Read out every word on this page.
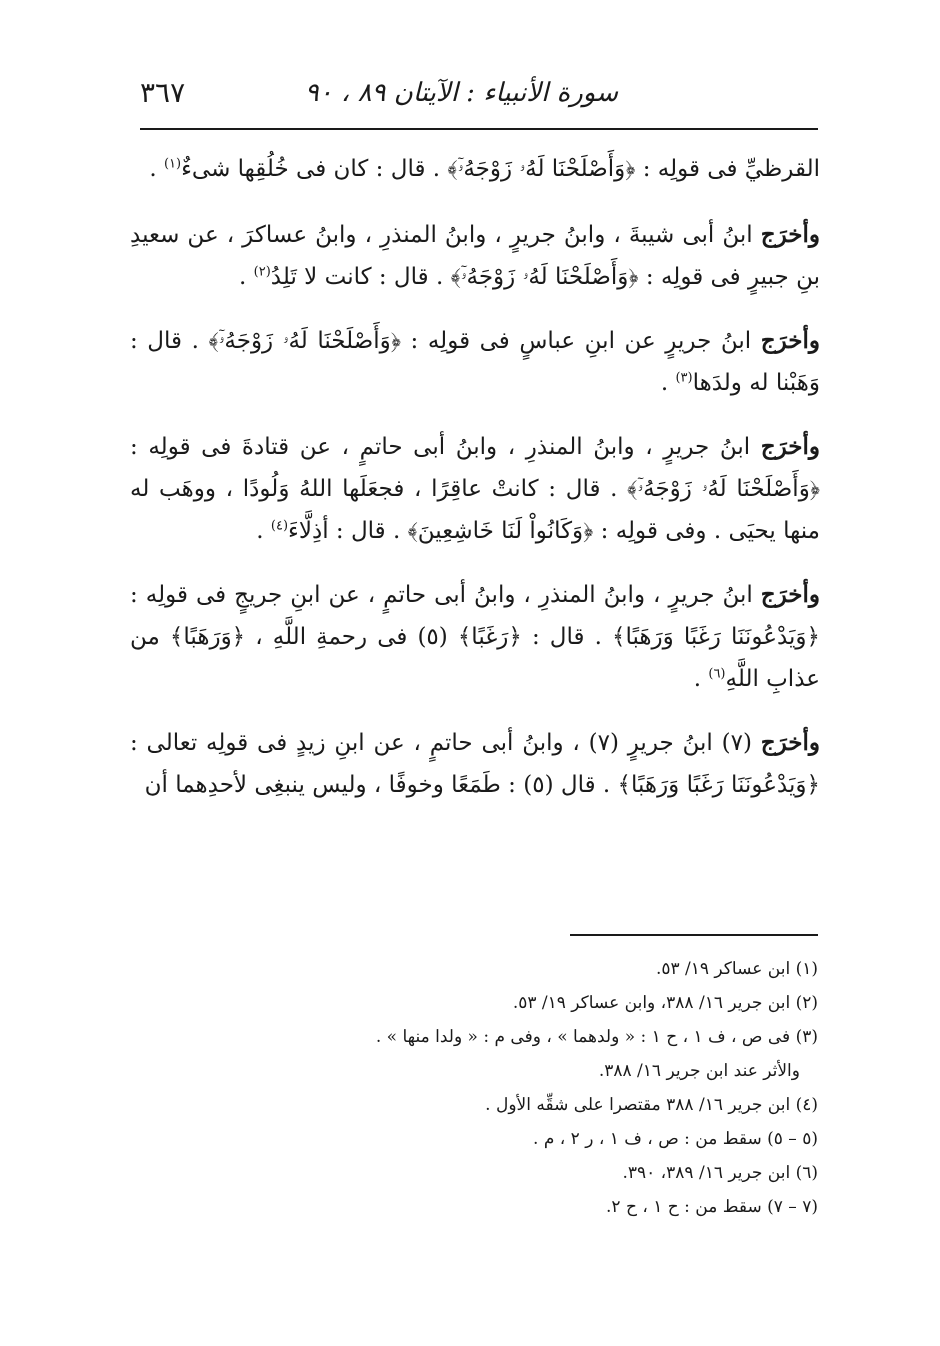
سورة الأنبياء : الآيتان ٨٩ ، ٩٠
٣٦٧

القرظيِّ فى قولِه : ﴿وَأَصْلَحْنَا لَهُۥ زَوْجَهُۥٓ﴾ . قال : كان فى خُلُقِها شىءٌ$^{(١)}$ .

وأخرَج ابنُ أبى شيبةَ ، وابنُ جريرٍ ، وابنُ المنذرِ ، وابنُ عساكرَ ، عن سعيدِ بنِ جبيرٍ فى قولِه : ﴿وَأَصْلَحْنَا لَهُۥ زَوْجَهُۥٓ﴾ . قال : كانت لا تَلِدُ$^{(٢)}$ .

وأخرَج ابنُ جريرٍ عن ابنِ عباسٍ فى قولِه : ﴿وَأَصْلَحْنَا لَهُۥ زَوْجَهُۥٓ﴾ . قال : وَهَبْنا له ولدَها$^{(٣)}$ .

وأخرَج ابنُ جريرٍ ، وابنُ المنذرِ ، وابنُ أبى حاتمٍ ، عن قتادةَ فى قولِه : ﴿وَأَصْلَحْنَا لَهُۥ زَوْجَهُۥٓ﴾ . قال : كانتْ عاقِرًا ، فجعَلَها اللهُ وَلُودًا ، ووهَب له منها يحيَى . وفى قولِه : ﴿وَكَانُواْ لَنَا خَاشِعِينَ﴾ . قال : أذِلَّاءَ$^{(٤)}$ .

وأخرَج ابنُ جريرٍ ، وابنُ المنذرِ ، وابنُ أبى حاتمٍ ، عن ابنِ جريجٍ فى قولِه : ﴿وَيَدْعُونَنَا رَغَبًا وَرَهَبًا﴾ . قال : ﴿رَغَبًا﴾ (٥) فى رحمةِ اللَّهِ ، ﴿وَرَهَبًا﴾ من عذابِ اللَّهِ$^{(٦)}$ .

وأخرَج (٧) ابنُ جريرٍ (٧) ، وابنُ أبى حاتمٍ ، عن ابنِ زيدٍ فى قولِه تعالى : ﴿وَيَدْعُونَنَا رَغَبًا وَرَهَبًا﴾ . قال (٥) : طَمَعًا وخوفًا ، وليس ينبغِى لأحدِهما أن

(١) ابن عساكر ١٩/ ٥٣.

(٢) ابن جرير ١٦/ ٣٨٨، وابن عساكر ١٩/ ٥٣.

(٣) فى ص ، ف ١ ، ح ١ : « ولدهما » ، وفى م : « ولدا منها » .

والأثر عند ابن جرير ١٦/ ٣٨٨.

(٤) ابن جرير ١٦/ ٣٨٨ مقتصرا على شقِّه الأول .

(٥ – ٥) سقط من : ص ، ف ١ ، ر ٢ ، م .

(٦) ابن جرير ١٦/ ٣٨٩، ٣٩٠.

(٧ – ٧) سقط من : ح ١ ، ح ٢.
